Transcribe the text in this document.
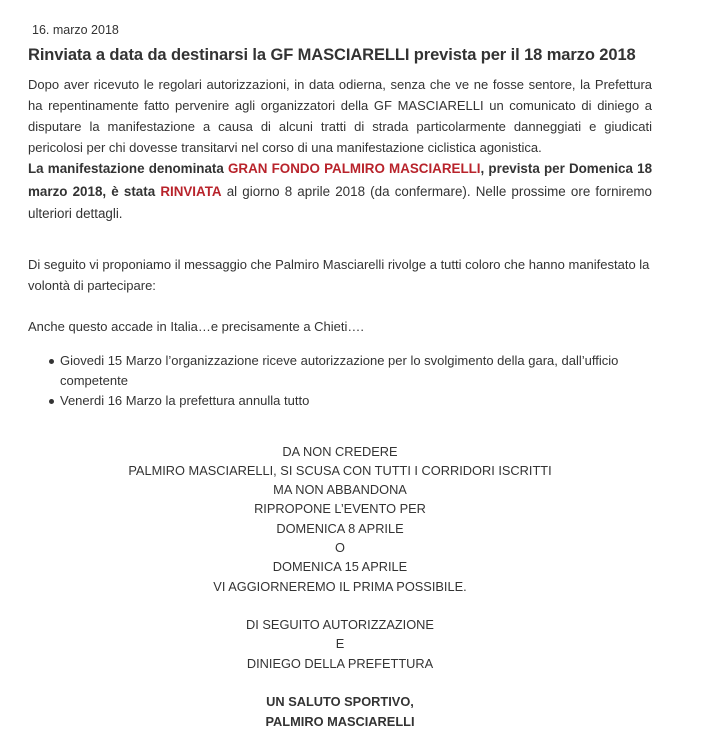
16. marzo 2018
Rinviata a data da destinarsi la GF MASCIARELLI prevista per il 18 marzo 2018

Dopo aver ricevuto le regolari autorizzazioni, in data odierna, senza che ve ne fosse sentore, la Prefettura ha repentinamente fatto pervenire agli organizzatori della GF MASCIARELLI un comunicato di diniego a disputare la manifestazione a causa di alcuni tratti di strada particolarmente danneggiati e giudicati pericolosi per chi dovesse transitarvi nel corso di una manifestazione ciclistica agonistica.

La manifestazione denominata GRAN FONDO PALMIRO MASCIARELLI, prevista per Domenica 18 marzo 2018, è stata RINVIATA al giorno 8 aprile 2018 (da confermare). Nelle prossime ore forniremo ulteriori dettagli.

Di seguito vi proponiamo il messaggio che Palmiro Masciarelli rivolge a tutti coloro che hanno manifestato la volontà di partecipare:

Anche questo accade in Italia…e precisamente a Chieti….

Giovedi 15 Marzo l’organizzazione riceve autorizzazione per lo svolgimento della gara, dall’ufficio competente
Venerdi 16 Marzo la prefettura annulla tutto

DA NON CREDERE

PALMIRO MASCIARELLI, SI SCUSA CON TUTTI I CORRIDORI ISCRITTI

MA NON ABBANDONA

RIPROPONE L’EVENTO PER

DOMENICA 8 APRILE

O

DOMENICA 15 APRILE

VI AGGIORNEREMO IL PRIMA POSSIBILE.

DI SEGUITO AUTORIZZAZIONE

E

DINIEGO DELLA PREFETTURA

UN SALUTO SPORTIVO,

PALMIRO MASCIARELLI
